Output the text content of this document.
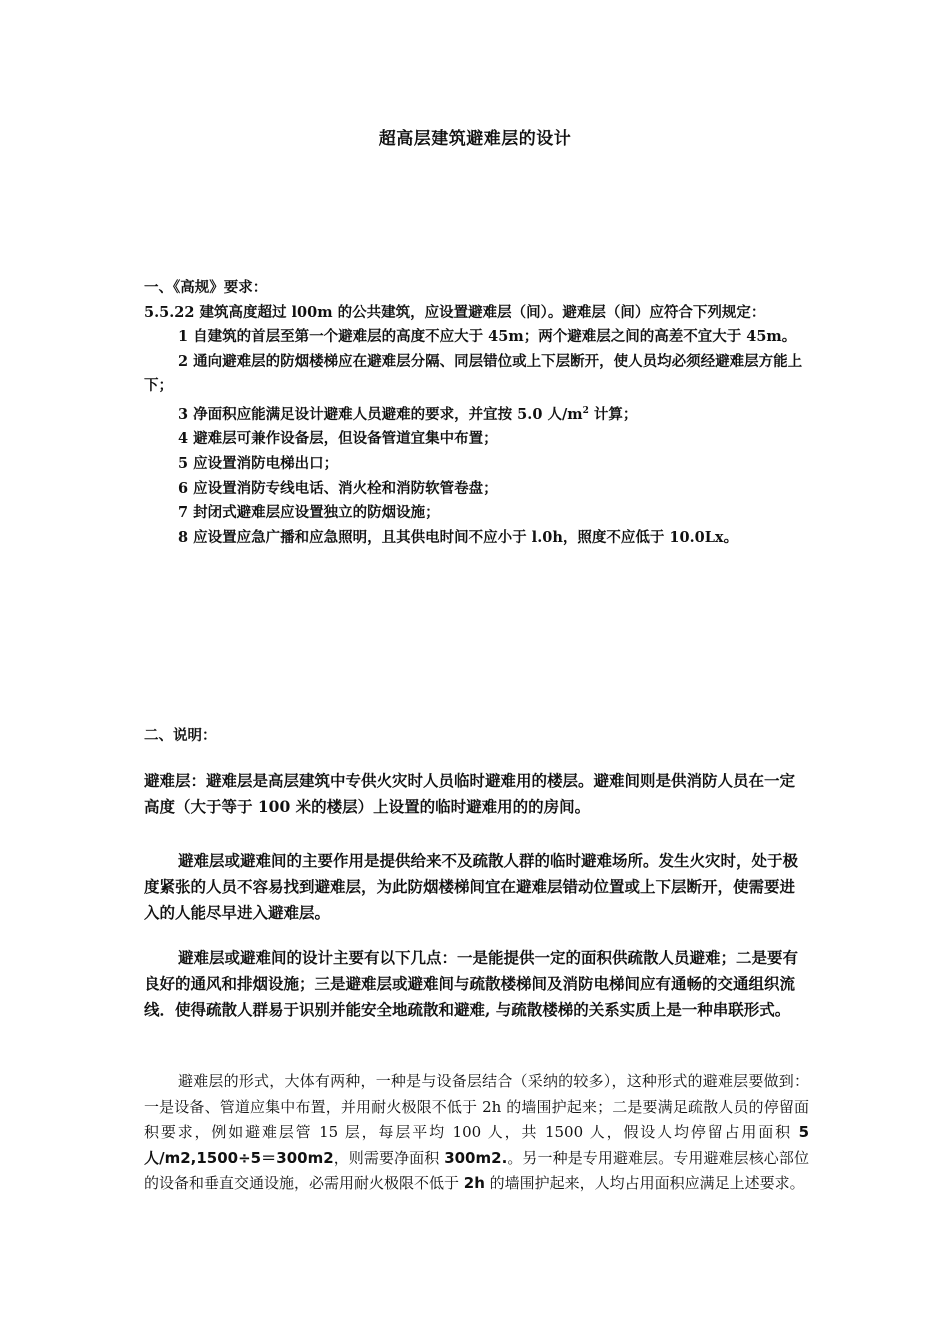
超高层建筑避难层的设计

一、《高规》要求：

5.5.22 建筑高度超过 l00m 的公共建筑，应设置避难层（间）。避难层（间）应符合下列规定：

1 自建筑的首层至第一个避难层的高度不应大于 45m；两个避难层之间的高差不宜大于 45m。

2 通向避难层的防烟楼梯应在避难层分隔、同层错位或上下层断开，使人员均必须经避难层方能上下；

3 净面积应能满足设计避难人员避难的要求，并宜按 5.0 人$/m^2$ 计算；

4 避难层可兼作设备层，但设备管道宜集中布置；

5 应设置消防电梯出口；

6 应设置消防专线电话、消火栓和消防软管卷盘；

7 封闭式避难层应设置独立的防烟设施；

8 应设置应急广播和应急照明，且其供电时间不应小于 l.0h，照度不应低于 10.0Lx。

二、说明：

避难层：避难层是高层建筑中专供火灾时人员临时避难用的楼层。避难间则是供消防人员在一定高度（大于等于 100 米的楼层）上设置的临时避难用的的房间。

避难层或避难间的主要作用是提供给来不及疏散人群的临时避难场所。发生火灾时，处于极度紧张的人员不容易找到避难层，为此防烟楼梯间宜在避难层错动位置或上下层断开，使需要进入的人能尽早进入避难层。

避难层或避难间的设计主要有以下几点：一是能提供一定的面积供疏散人员避难；二是要有良好的通风和排烟设施；三是避难层或避难间与疏散楼梯间及消防电梯间应有通畅的交通组织流线．使得疏散人群易于识别并能安全地疏散和避难, 与疏散楼梯的关系实质上是一种串联形式。

避难层的形式，大体有两种，一种是与设备层结合（采纳的较多），这种形式的避难层要做到：一是设备、管道应集中布置，并用耐火极限不低于 2h 的墙围护起来；二是要满足疏散人员的停留面积要求，例如避难层管 15 层，每层平均 100 人，共 1500 人，假设人均停留占用面积 5 人/m2,1500÷5＝300m2，则需要净面积 300m2.。另一种是专用避难层。专用避难层核心部位的设备和垂直交通设施，必需用耐火极限不低于 2h 的墙围护起来，人均占用面积应满足上述要求。
